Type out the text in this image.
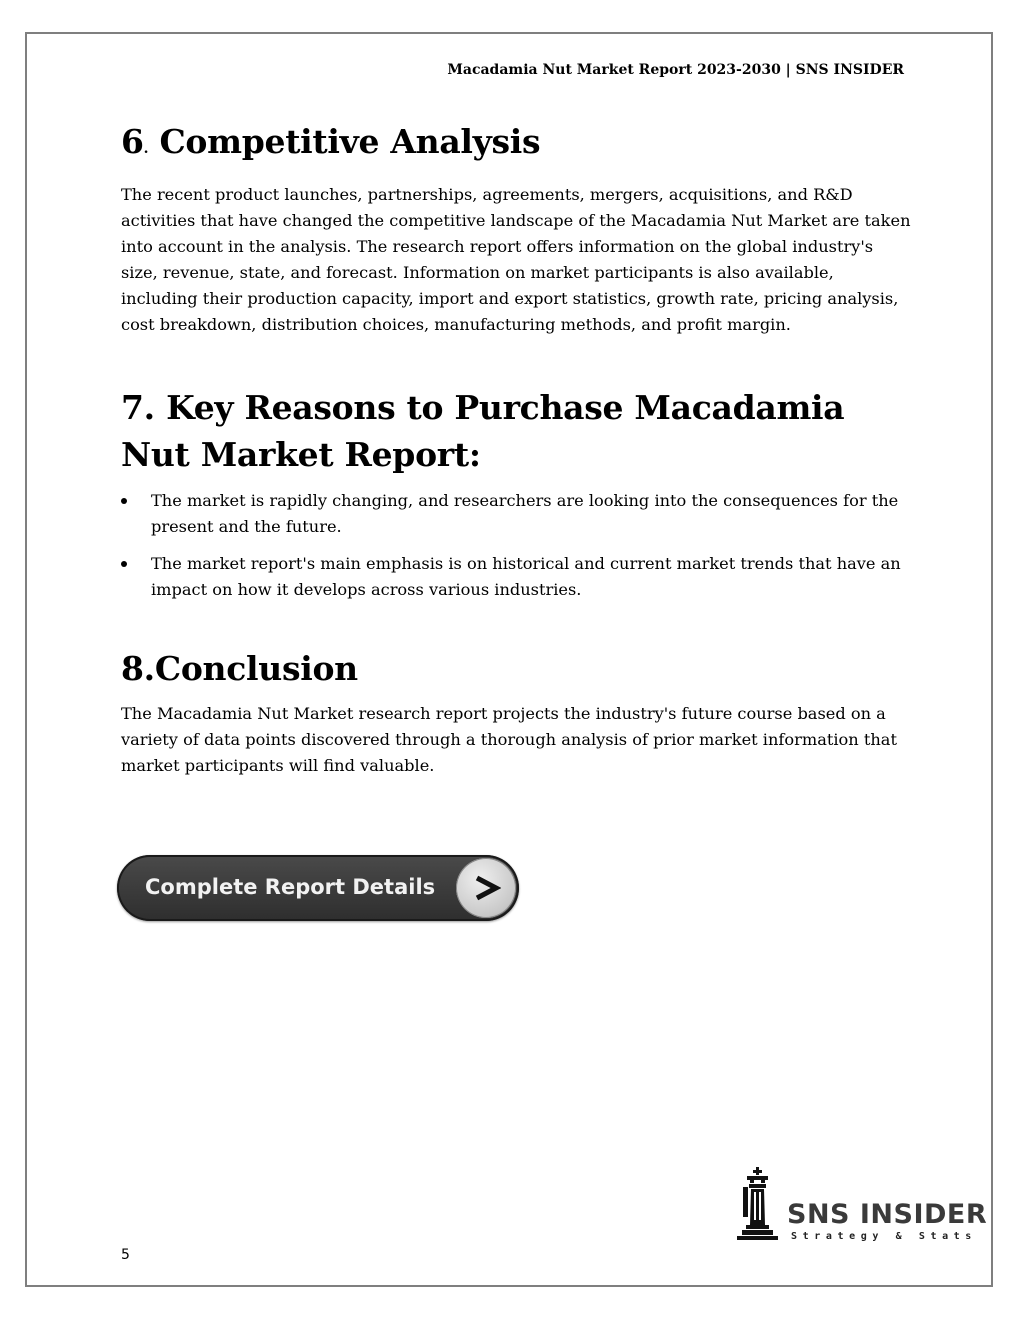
Macadamia Nut Market Report 2023-2030 | SNS INSIDER
6. Competitive Analysis

The recent product launches, partnerships, agreements, mergers, acquisitions, and R&D activities that have changed the competitive landscape of the Macadamia Nut Market are taken into account in the analysis. The research report offers information on the global industry's size, revenue, state, and forecast. Information on market participants is also available, including their production capacity, import and export statistics, growth rate, pricing analysis, cost breakdown, distribution choices, manufacturing methods, and profit margin.

7. Key Reasons to Purchase Macadamia Nut Market Report:
The market is rapidly changing, and researchers are looking into the consequences for the present and the future.
The market report's main emphasis is on historical and current market trends that have an impact on how it develops across various industries.
8.Conclusion

The Macadamia Nut Market research report projects the industry's future course based on a variety of data points discovered through a thorough analysis of prior market information that market participants will find valuable.

Complete Report Details
5
SNS INSIDER
Strategy & Stats
